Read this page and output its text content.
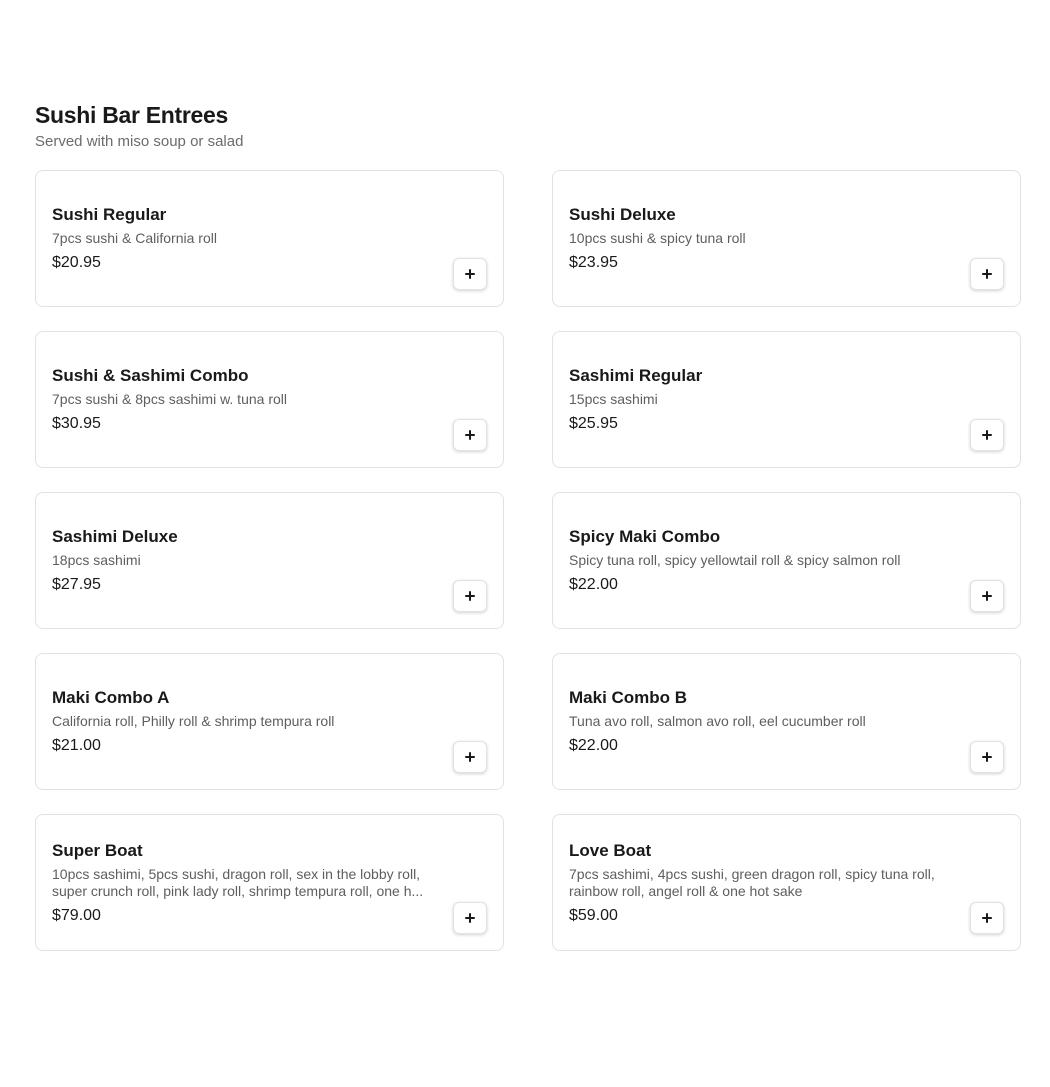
Sushi Bar Entrees

Served with miso soup or salad

Sushi Regular
7pcs sushi & California roll
$20.95
Sushi Deluxe
10pcs sushi & spicy tuna roll
$23.95
Sushi & Sashimi Combo
7pcs sushi & 8pcs sashimi w. tuna roll
$30.95
Sashimi Regular
15pcs sashimi
$25.95
Sashimi Deluxe
18pcs sashimi
$27.95
Spicy Maki Combo
Spicy tuna roll, spicy yellowtail roll & spicy salmon roll
$22.00
Maki Combo A
California roll, Philly roll & shrimp tempura roll
$21.00
Maki Combo B
Tuna avo roll, salmon avo roll, eel cucumber roll
$22.00
Super Boat
10pcs sashimi, 5pcs sushi, dragon roll, sex in the lobby roll, super crunch roll, pink lady roll, shrimp tempura roll, one h...
$79.00
Love Boat
7pcs sashimi, 4pcs sushi, green dragon roll, spicy tuna roll, rainbow roll, angel roll & one hot sake
$59.00
